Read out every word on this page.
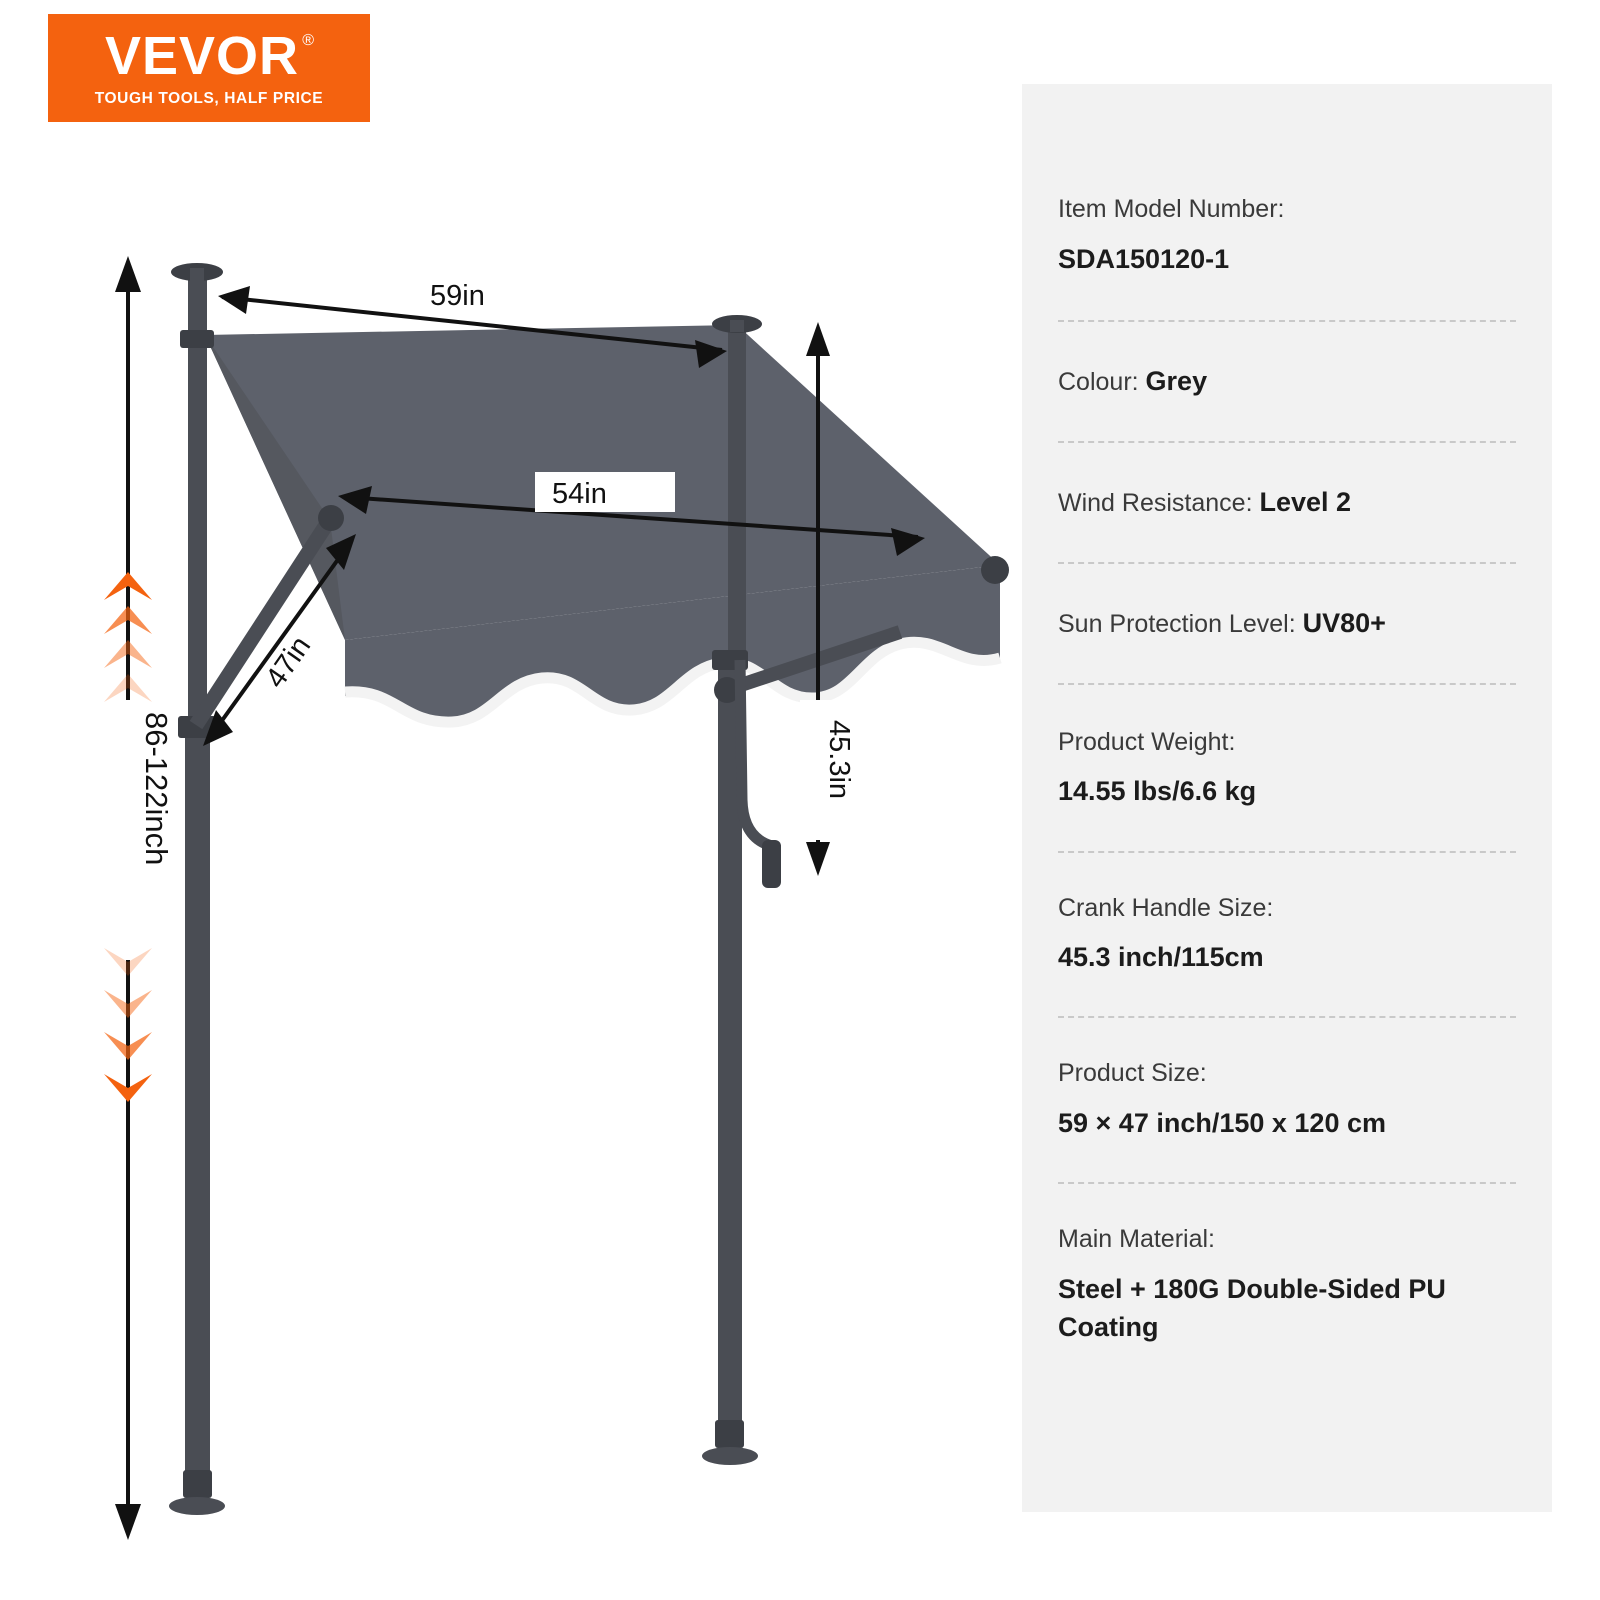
VEVOR ®
TOUGH TOOLS, HALF PRICE
59in
54in
47in
45.3in
86-122inch
Item Model Number:
SDA150120-1
Colour: Grey
Wind Resistance: Level 2
Sun Protection Level: UV80+
Product Weight:
14.55 lbs/6.6 kg
Crank Handle Size:
45.3 inch/115cm
Product Size:
59 × 47 inch/150 x 120 cm
Main Material:
Steel + 180G Double-Sided PU Coating
